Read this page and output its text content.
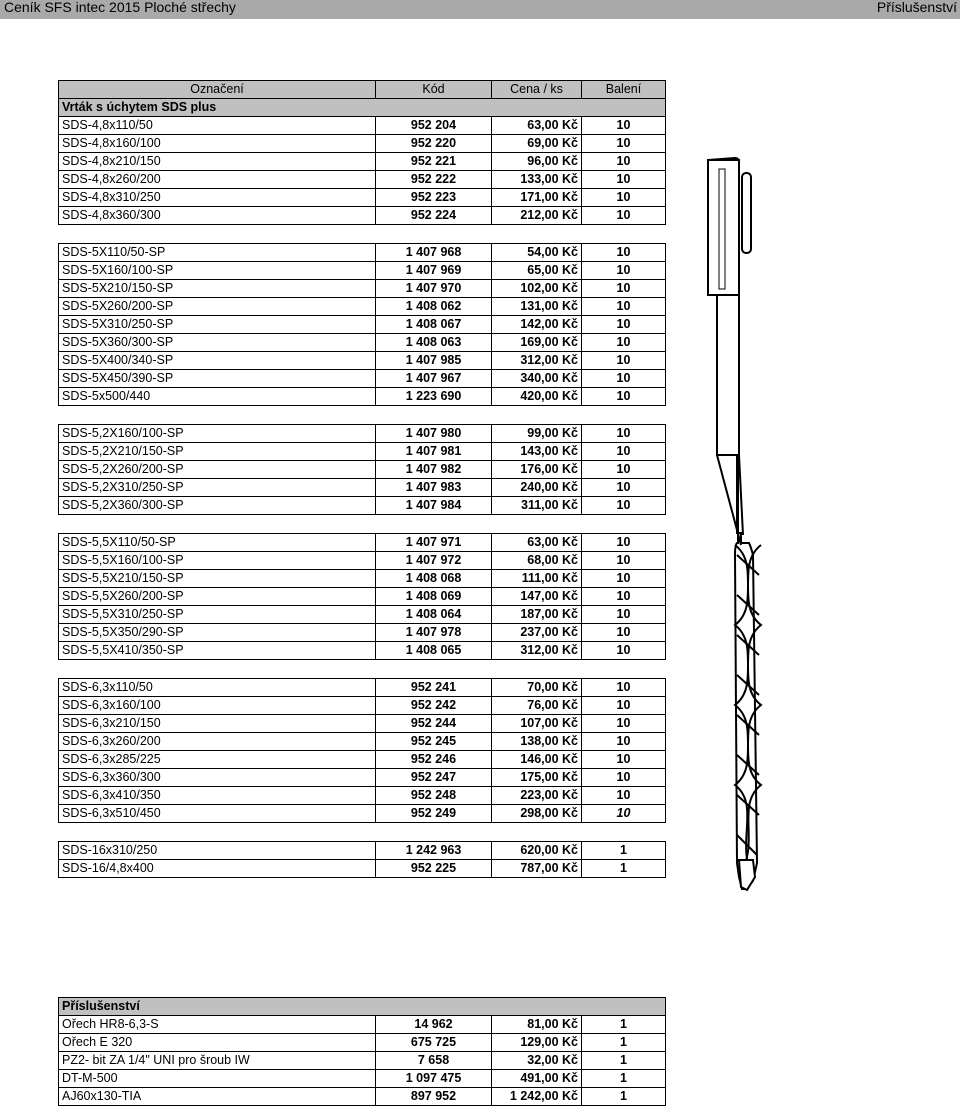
Ceník SFS intec 2015 Ploché střechy	Příslušenství
Označení	Kód	Cena / ks	Balení
Vrták s úchytem SDS plus			
SDS-4,8x110/50	952 204	63,00 Kč	10
SDS-4,8x160/100	952 220	69,00 Kč	10
SDS-4,8x210/150	952 221	96,00 Kč	10
SDS-4,8x260/200	952 222	133,00 Kč	10
SDS-4,8x310/250	952 223	171,00 Kč	10
SDS-4,8x360/300	952 224	212,00 Kč	10

SDS-5X110/50-SP	1 407 968	54,00 Kč	10
SDS-5X160/100-SP	1 407 969	65,00 Kč	10
SDS-5X210/150-SP	1 407 970	102,00 Kč	10
SDS-5X260/200-SP	1 408 062	131,00 Kč	10
SDS-5X310/250-SP	1 408 067	142,00 Kč	10
SDS-5X360/300-SP	1 408 063	169,00 Kč	10
SDS-5X400/340-SP	1 407 985	312,00 Kč	10
SDS-5X450/390-SP	1 407 967	340,00 Kč	10
SDS-5x500/440	1 223 690	420,00 Kč	10

SDS-5,2X160/100-SP	1 407 980	99,00 Kč	10
SDS-5,2X210/150-SP	1 407 981	143,00 Kč	10
SDS-5,2X260/200-SP	1 407 982	176,00 Kč	10
SDS-5,2X310/250-SP	1 407 983	240,00 Kč	10
SDS-5,2X360/300-SP	1 407 984	311,00 Kč	10

SDS-5,5X110/50-SP	1 407 971	63,00 Kč	10
SDS-5,5X160/100-SP	1 407 972	68,00 Kč	10
SDS-5,5X210/150-SP	1 408 068	111,00 Kč	10
SDS-5,5X260/200-SP	1 408 069	147,00 Kč	10
SDS-5,5X310/250-SP	1 408 064	187,00 Kč	10
SDS-5,5X350/290-SP	1 407 978	237,00 Kč	10
SDS-5,5X410/350-SP	1 408 065	312,00 Kč	10

SDS-6,3x110/50	952 241	70,00 Kč	10
SDS-6,3x160/100	952 242	76,00 Kč	10
SDS-6,3x210/150	952 244	107,00 Kč	10
SDS-6,3x260/200	952 245	138,00 Kč	10
SDS-6,3x285/225	952 246	146,00 Kč	10
SDS-6,3x360/300	952 247	175,00 Kč	10
SDS-6,3x410/350	952 248	223,00 Kč	10
SDS-6,3x510/450	952 249	298,00 Kč	10

SDS-16x310/250	1 242 963	620,00 Kč	1
SDS-16/4,8x400	952 225	787,00 Kč	1
Příslušenství			
Ořech HR8-6,3-S	14 962	81,00 Kč	1
Ořech E 320	675 725	129,00 Kč	1
PZ2- bit ZA 1/4" UNI pro šroub IW	7 658	32,00 Kč	1
DT-M-500	1 097 475	491,00 Kč	1
AJ60x130-TIA	897 952	1 242,00 Kč	1
